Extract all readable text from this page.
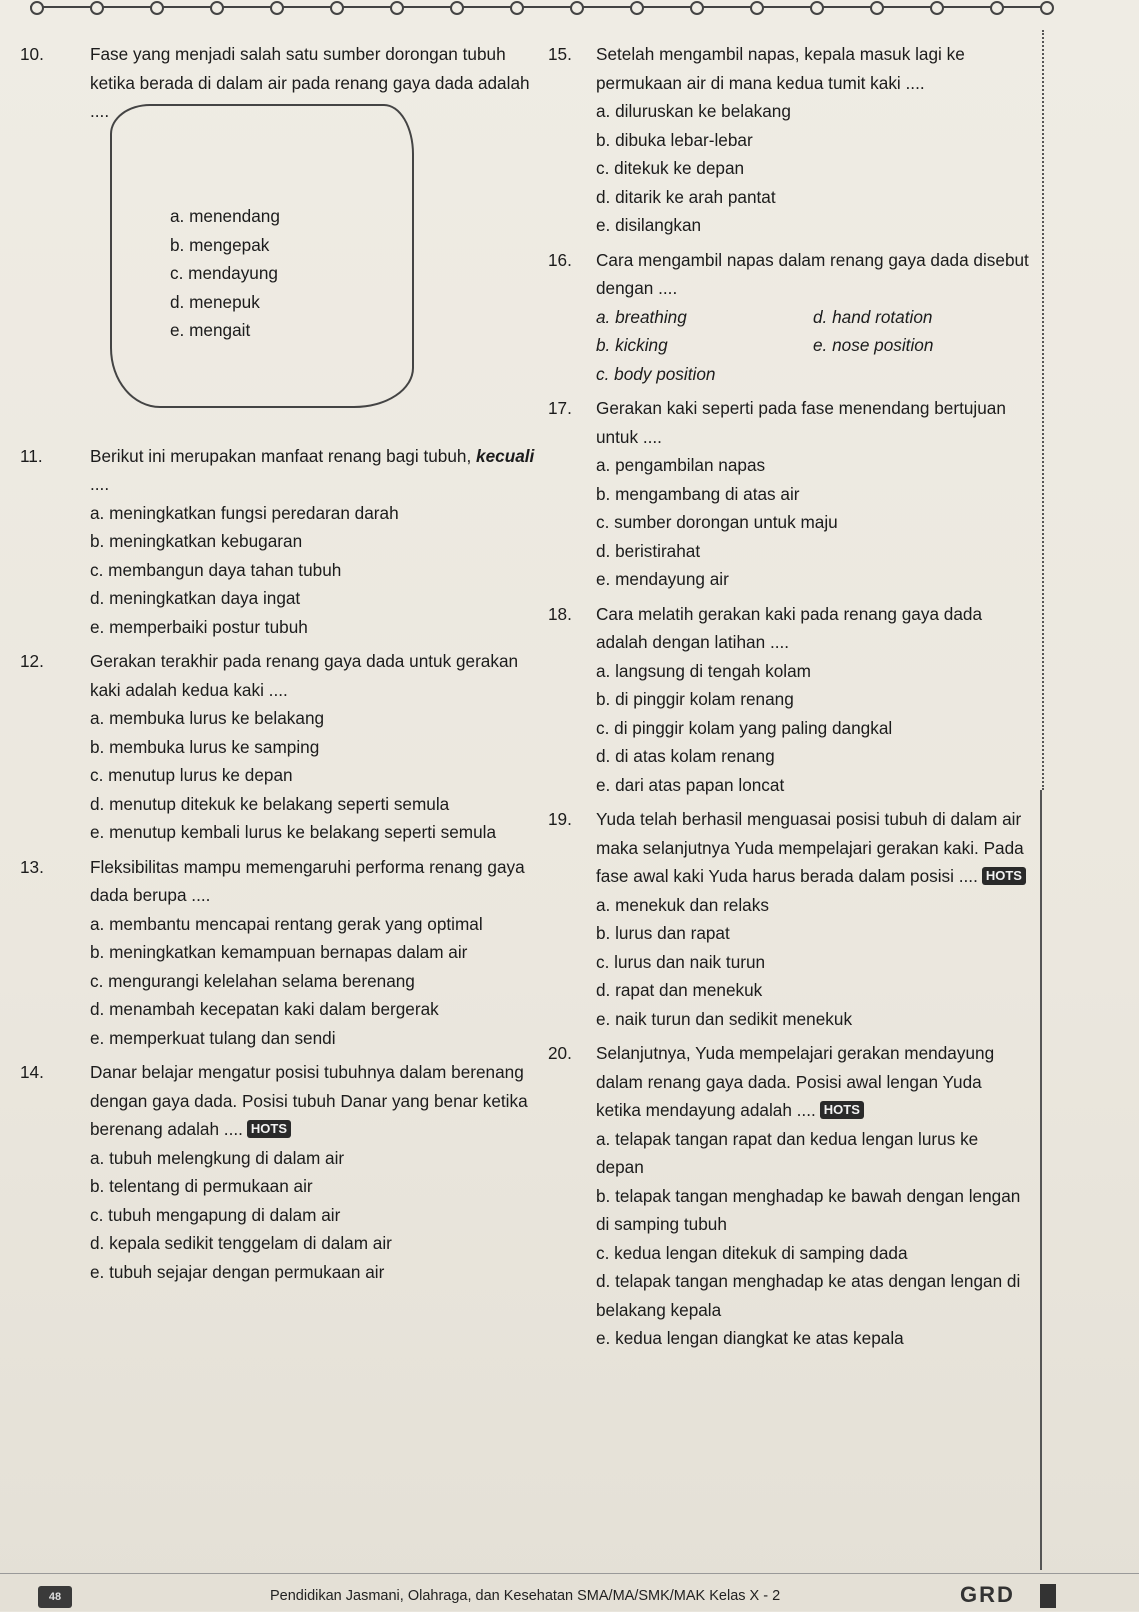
10.	Fase yang menjadi salah satu sumber dorongan tubuh ketika berada di dalam air pada renang gaya dada adalah ....
11.	Berikut ini merupakan manfaat renang bagi tubuh, kecuali ....
a. meningkatkan fungsi peredaran darah
b. meningkatkan kebugaran
c. membangun daya tahan tubuh
d. meningkatkan daya ingat
e. memperbaiki postur tubuh
12.	Gerakan terakhir pada renang gaya dada untuk gerakan kaki adalah kedua kaki ....
a. membuka lurus ke belakang
b. membuka lurus ke samping
c. menutup lurus ke depan
d. menutup ditekuk ke belakang seperti semula
e. menutup kembali lurus ke belakang seperti semula
13.	Fleksibilitas mampu memengaruhi performa renang gaya dada berupa ....
a. membantu mencapai rentang gerak yang optimal
b. meningkatkan kemampuan bernapas dalam air
c. mengurangi kelelahan selama berenang
d. menambah kecepatan kaki dalam bergerak
e. memperkuat tulang dan sendi
14.	Danar belajar mengatur posisi tubuhnya dalam berenang dengan gaya dada. Posisi tubuh Danar yang benar ketika berenang adalah .... HOTS
a. tubuh melengkung di dalam air
b. telentang di permukaan air
c. tubuh mengapung di dalam air
d. kepala sedikit tenggelam di dalam air
e. tubuh sejajar dengan permukaan air
a. menendang
b. mengepak
c. mendayung
d. menepuk
e. mengait
15.	Setelah mengambil napas, kepala masuk lagi ke permukaan air di mana kedua tumit kaki ....
a. diluruskan ke belakang
b. dibuka lebar-lebar
c. ditekuk ke depan
d. ditarik ke arah pantat
e. disilangkan
16.	Cara mengambil napas dalam renang gaya dada disebut dengan ....
a. breathing
b. kicking
c. body position
d. hand rotation
e. nose position
17.	Gerakan kaki seperti pada fase menendang bertujuan untuk ....
a. pengambilan napas
b. mengambang di atas air
c. sumber dorongan untuk maju
d. beristirahat
e. mendayung air
18.	Cara melatih gerakan kaki pada renang gaya dada adalah dengan latihan ....
a. langsung di tengah kolam
b. di pinggir kolam renang
c. di pinggir kolam yang paling dangkal
d. di atas kolam renang
e. dari atas papan loncat
19.	Yuda telah berhasil menguasai posisi tubuh di dalam air maka selanjutnya Yuda mempelajari gerakan kaki. Pada fase awal kaki Yuda harus berada dalam posisi .... HOTS
a. menekuk dan relaks
b. lurus dan rapat
c. lurus dan naik turun
d. rapat dan menekuk
e. naik turun dan sedikit menekuk
20.	Selanjutnya, Yuda mempelajari gerakan mendayung dalam renang gaya dada. Posisi awal lengan Yuda ketika mendayung adalah .... HOTS
a. telapak tangan rapat dan kedua lengan lurus ke depan
b. telapak tangan menghadap ke bawah dengan lengan di samping tubuh
c. kedua lengan ditekuk di samping dada
d. telapak tangan menghadap ke atas dengan lengan di belakang kepala
e. kedua lengan diangkat ke atas kepala
48	Pendidikan Jasmani, Olahraga, dan Kesehatan SMA/MA/SMK/MAK Kelas X - 2	GRD
